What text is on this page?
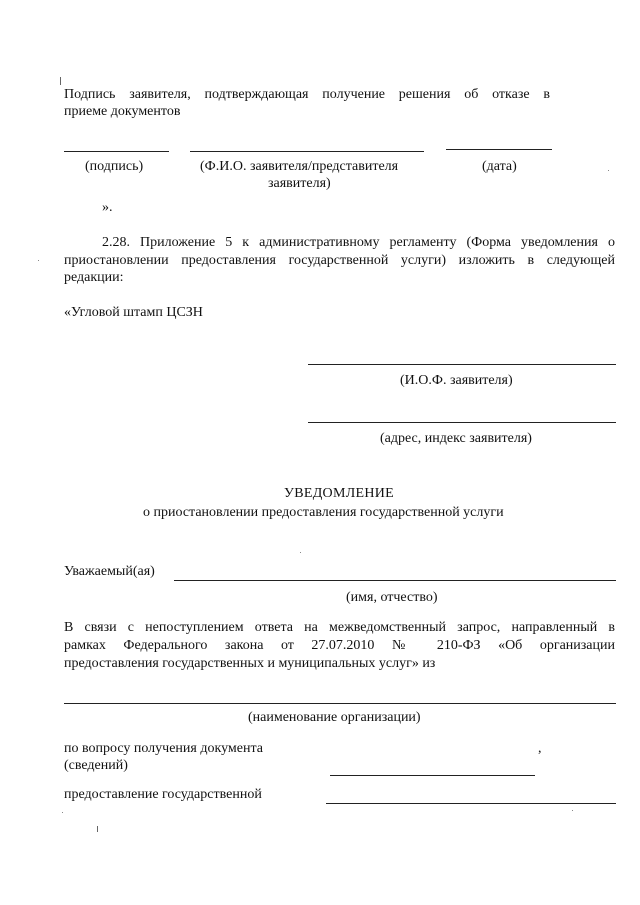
Подпись заявителя, подтверждающая получение решения об отказе в
приеме документов
(подпись)	(Ф.И.О. заявителя/представителя
заявителя)
(дата)
».
2.28. Приложение 5 к административному регламенту (Форма уведомления о
приостановлении предоставления государственной услуги) изложить в следующей
редакции:
«Угловой штамп ЦСЗН
(И.О.Ф. заявителя)
(адрес, индекс заявителя)
УВЕДОМЛЕНИЕ
о приостановлении предоставления государственной услуги
Уважаемый(ая)
(имя, отчество)
В связи с непоступлением ответа на межведомственный запрос, направленный в
рамках Федерального закона от 27.07.2010 № 210-ФЗ «Об организации
предоставления государственных и муниципальных услуг» из
(наименование организации)
по вопросу получения документа	,
(сведений)
предоставление государственной
